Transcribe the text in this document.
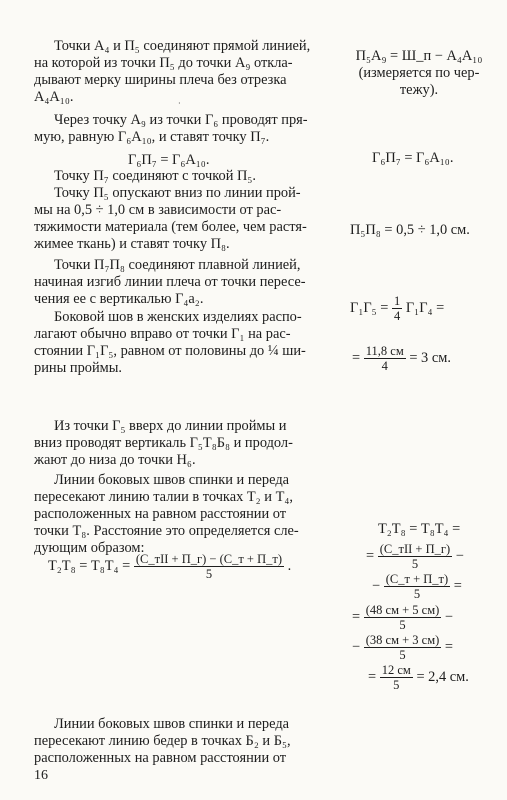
Точки А₄ и П₅ соединяют прямой линией,

на которой из точки П₅ до точки А₉ откла-

дывают мерку ширины плеча без отрезка

А₄А₁₀.	·

Через точку А₉ из точки Г₆ проводят пря-

мую, равную Г₆А₁₀, и ставят точку П₇.

Г₆П₇ = Г₆А₁₀.

Точку П₇ соединяют с точкой П₅.

Точку П₅ опускают вниз по линии прой-

мы на 0,5 ÷ 1,0 см в зависимости от рас-

тяжимости материала (тем более, чем растя-

жимее ткань) и ставят точку П₈.

Точки П₇П₈ соединяют плавной линией,

начиная изгиб линии плеча от точки пересе-

чения ее с вертикалью Г₄а₂.

Боковой шов в женских изделиях распо-

лагают обычно вправо от точки Г₁ на рас-

стоянии Г₁Г₅, равном от половины до ¼ ши-

рины проймы.

Из точки Г₅ вверх до линии проймы и

вниз проводят вертикаль Г₅Т₈Б₈ и продол-

жают до низа до точки Н₆.

Линии боковых швов спинки и переда

пересекают линию талии в точках Т₂ и Т₄,

расположенных на равном расстоянии от

точки Т₈. Расстояние это определяется сле-

дующим образом:

$Т_2Т_8 = Т_8Т_4 = \frac{\text{(С\_тII + П\_г) − (С\_т + П\_т)}}{5}$ .

Линии боковых швов спинки и переда

пересекают линию бедер в точках Б₂ и Б₅,

расположенных на равном расстоянии от

П₅А₉ = Ш_п − А₄А₁₀

(измеряется по чер-

тежу).

Г₆П₇ = Г₆А₁₀.
П₅П₈ = 0,5 ÷ 1,0 см.
$Г_1Г_5 = \frac{1}{4} Г_1Г_4$ =
= $\frac{11,8 см}{4} = 3$ см.
Т₂Т₈ = Т₈Т₄ =
= $\frac{\text{(С\_тII + П\_г)}}{5}$ −
− $\frac{(С\_т + П\_т)}{5}$ =
= $\frac{(48 см + 5 см)}{5}$ −
− $\frac{(38 см + 3 см)}{5}$ =
= $\frac{12 см}{5} = 2,4$ см.
16
